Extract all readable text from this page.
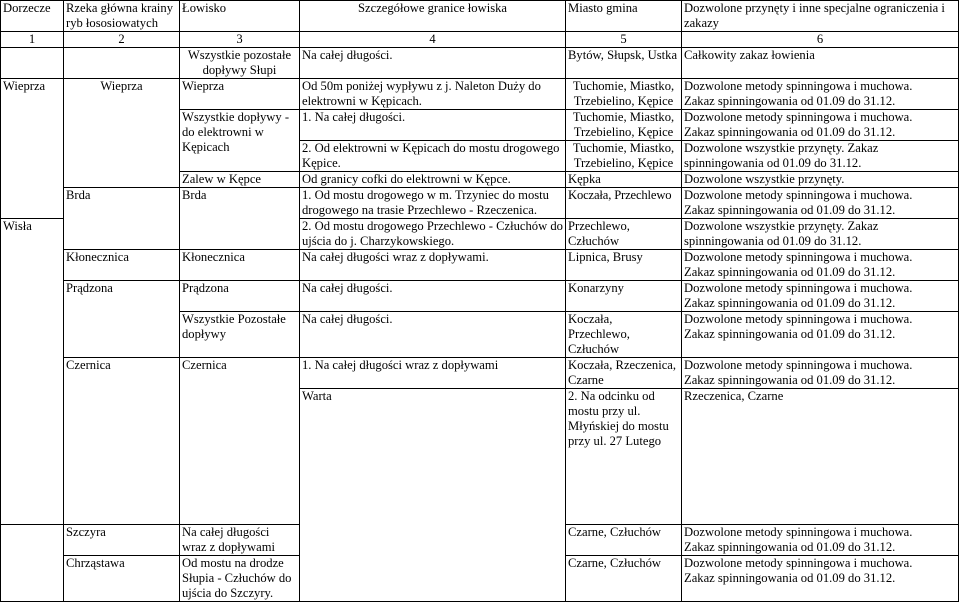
Dorzecze	Rzeka główna krainy ryb łososiowatych	Łowisko	Szczegółowe granice łowiska	Miasto gmina	Dozwolone przynęty i inne specjalne ograniczenia i zakazy	
1	2	3	4	5	6	
		Wszystkie pozostałe dopływy Słupi	Na całej długości.	Bytów, Słupsk, Ustka	Całkowity zakaz łowienia	
Wieprza	Wieprza	Wieprza	Od 50m poniżej wypływu z j. Naleton Duży do elektrowni w Kępicach.	Tuchomie, Miastko, Trzebielino, Kępice	Dozwolone metody spinningowa i muchowa.
Zakaz spinningowania od 01.09 do 31.12.	

		Wszystkie dopływy - do elektrowni w Kępicach	1. Na całej długości.	Tuchomie, Miastko, Trzebielino, Kępice	Dozwolone metody spinningowa i muchowa.
Zakaz spinningowania od 01.09 do 31.12.	

			2. Od elektrowni w Kępicach do mostu drogowego Kępice.	Tuchomie, Miastko, Trzebielino, Kępice	Dozwolone wszystkie przynęty. Zakaz
spinningowania od 01.09 do 31.12.	

		Zalew w Kępce	Od granicy cofki do elektrowni w Kępce.	Kępka	Dozwolone wszystkie przynęty.	
	Brda	Brda	1. Od mostu drogowego w m. Trzyniec do mostu drogowego na trasie Przechlewo - Rzeczenica.	Koczała, Przechlewo	Dozwolone metody spinningowa i muchowa.
Zakaz spinningowania od 01.09 do 31.12.	

Wisła			2. Od mostu drogowego Przechlewo - Człuchów do ujścia do j. Charzykowskiego.	Przechlewo, Człuchów	Dozwolone wszystkie przynęty. Zakaz
spinningowania od 01.09 do 31.12.	

	Kłonecznica	Kłonecznica	Na całej długości wraz z dopływami.	Lipnica, Brusy	Dozwolone metody spinningowa i muchowa.
Zakaz spinningowania od 01.09 do 31.12.	

	Prądzona	Prądzona	Na całej długości.	Konarzyny	Dozwolone metody spinningowa i muchowa.
Zakaz spinningowania od 01.09 do 31.12.	

		Wszystkie Pozostałe dopływy	Na całej długości.	Koczała, Przechlewo, Człuchów	Dozwolone metody spinningowa i muchowa.
Zakaz spinningowania od 01.09 do 31.12.	

	Czernica	Czernica	1. Na całej długości wraz z dopływami	Koczała, Rzeczenica, Czarne	Dozwolone metody spinningowa i muchowa.
Zakaz spinningowania od 01.09 do 31.12.	

			Warta	2. Na odcinku od mostu przy ul. Młyńskiej do mostu przy ul. 27 Lutego	Rzeczenica, Czarne	

	Szczyra	Na całej długości wraz z dopływami		Czarne, Człuchów	Dozwolone metody spinningowa i muchowa.
Zakaz spinningowania od 01.09 do 31.12.	

	Chrząstawa	Od mostu na drodze Słupia - Człuchów do ujścia do Szczyry.		Czarne, Człuchów	Dozwolone metody spinningowa i muchowa.
Zakaz spinningowania od 01.09 do 31.12.	
